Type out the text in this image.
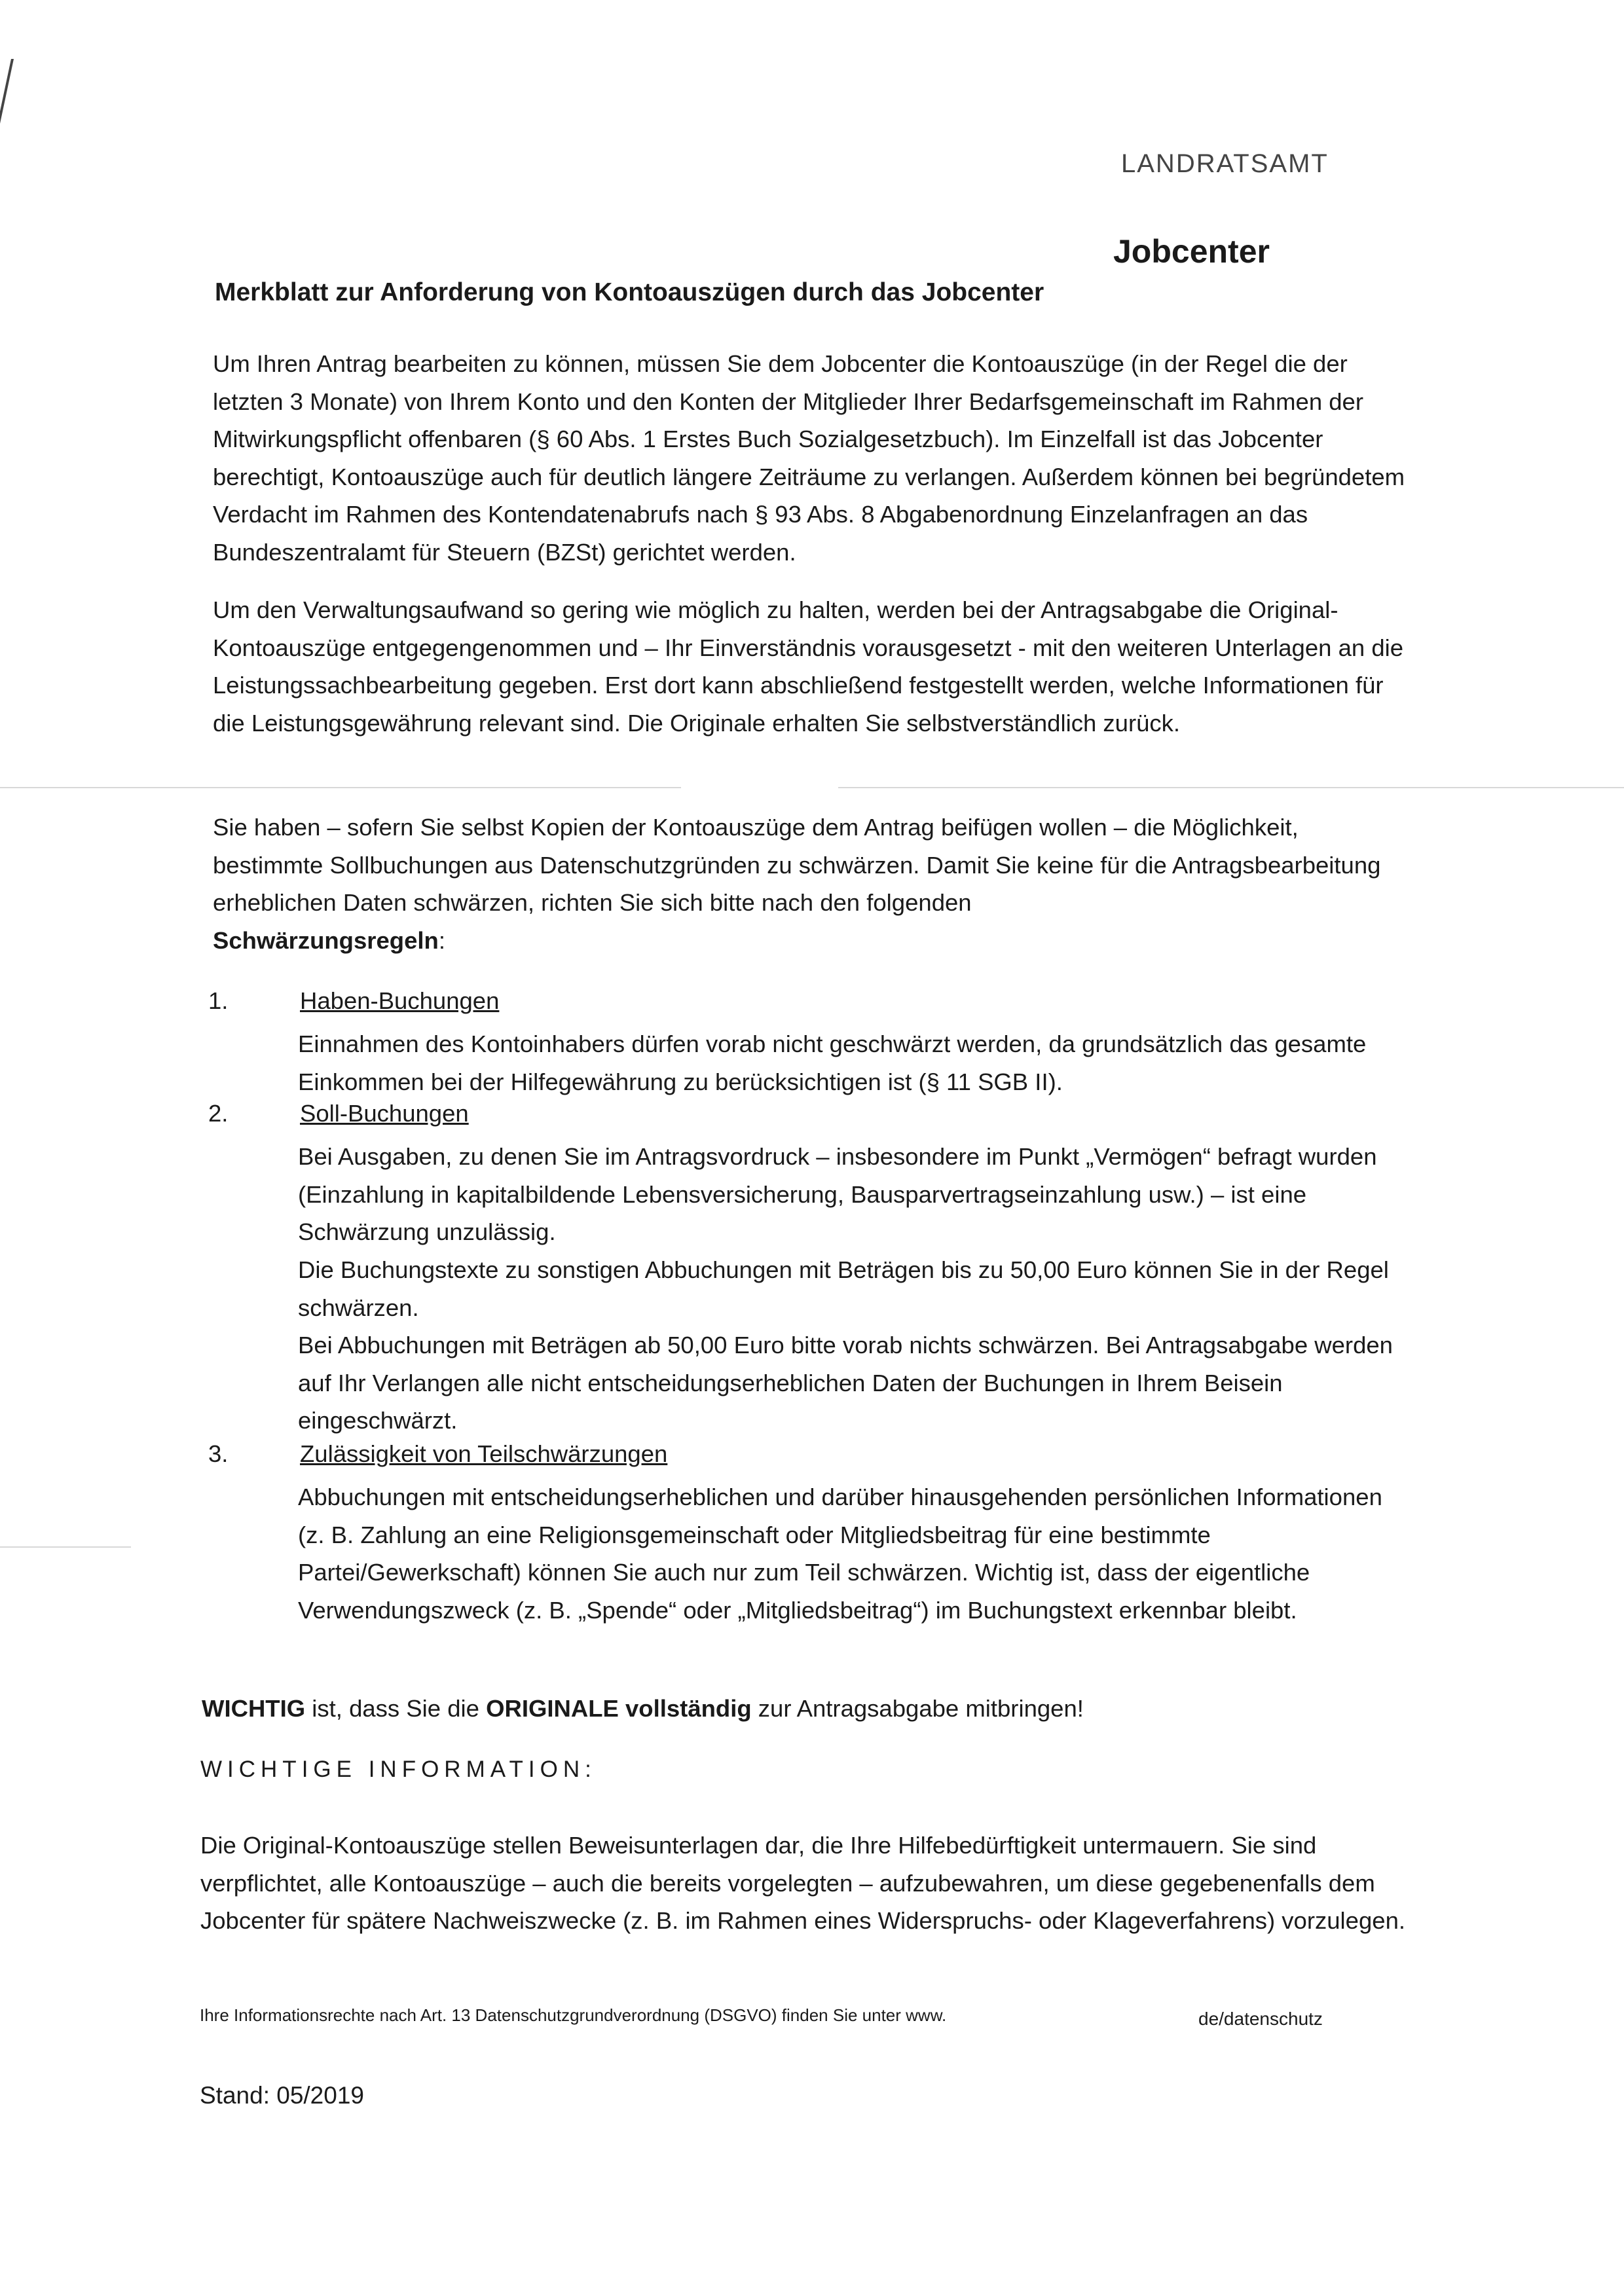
LANDRATSAMT
Jobcenter
Merkblatt zur Anforderung von Kontoauszügen durch das Jobcenter

Um Ihren Antrag bearbeiten zu können, müssen Sie dem Jobcenter die Kontoauszüge (in der Regel die der letzten 3 Monate) von Ihrem Konto und den Konten der Mitglieder Ihrer Bedarfsgemeinschaft im Rahmen der Mitwirkungspflicht offenbaren (§ 60 Abs. 1 Erstes Buch Sozialgesetzbuch). Im Einzelfall ist das Jobcenter berechtigt, Kontoauszüge auch für deutlich längere Zeiträume zu verlangen. Außerdem können bei begründetem Verdacht im Rahmen des Kontendatenabrufs nach § 93 Abs. 8 Abgabenordnung Einzelanfragen an das Bundeszentralamt für Steuern (BZSt) gerichtet werden.

Um den Verwaltungsaufwand so gering wie möglich zu halten, werden bei der Antragsabgabe die Original-Kontoauszüge entgegengenommen und – Ihr Einverständnis vorausgesetzt - mit den weiteren Unterlagen an die Leistungssachbearbeitung gegeben. Erst dort kann abschließend festgestellt werden, welche Informationen für die Leistungsgewährung relevant sind. Die Originale erhalten Sie selbstverständlich zurück.

Sie haben – sofern Sie selbst Kopien der Kontoauszüge dem Antrag beifügen wollen – die Möglichkeit, bestimmte Sollbuchungen aus Datenschutzgründen zu schwärzen. Damit Sie keine für die Antragsbearbeitung erheblichen Daten schwärzen, richten Sie sich bitte nach den folgenden
Schwärzungsregeln:

1.	Haben-Buchungen

Einnahmen des Kontoinhabers dürfen vorab nicht geschwärzt werden, da grundsätzlich das gesamte Einkommen bei der Hilfegewährung zu berücksichtigen ist (§ 11 SGB II).

2.	Soll-Buchungen

Bei Ausgaben, zu denen Sie im Antragsvordruck – insbesondere im Punkt „Vermögen“ befragt wurden (Einzahlung in kapitalbildende Lebensversicherung, Bausparvertragseinzahlung usw.) – ist eine Schwärzung unzulässig.

Die Buchungstexte zu sonstigen Abbuchungen mit Beträgen bis zu 50,00 Euro können Sie in der Regel schwärzen.

Bei Abbuchungen mit Beträgen ab 50,00 Euro bitte vorab nichts schwärzen. Bei Antragsabgabe werden auf Ihr Verlangen alle nicht entscheidungserheblichen Daten der Buchungen in Ihrem Beisein eingeschwärzt.

3.	Zulässigkeit von Teilschwärzungen

Abbuchungen mit entscheidungserheblichen und darüber hinausgehenden persönlichen Informationen (z. B. Zahlung an eine Religionsgemeinschaft oder Mitgliedsbeitrag für eine bestimmte Partei/Gewerkschaft) können Sie auch nur zum Teil schwärzen. Wichtig ist, dass der eigentliche Verwendungszweck (z. B. „Spende“ oder „Mitgliedsbeitrag“) im Buchungstext erkennbar bleibt.

WICHTIG ist, dass Sie die ORIGINALE vollständig zur Antragsabgabe mitbringen!
WICHTIGE INFORMATION:

Die Original-Kontoauszüge stellen Beweisunterlagen dar, die Ihre Hilfebedürftigkeit untermauern. Sie sind verpflichtet, alle Kontoauszüge – auch die bereits vorgelegten – aufzubewahren, um diese gegebenenfalls dem Jobcenter für spätere Nachweiszwecke (z. B. im Rahmen eines Widerspruchs- oder Klageverfahrens) vorzulegen.

Ihre Informationsrechte nach Art. 13 Datenschutzgrundverordnung (DSGVO) finden Sie unter www.	de/datenschutz
Stand: 05/2019
